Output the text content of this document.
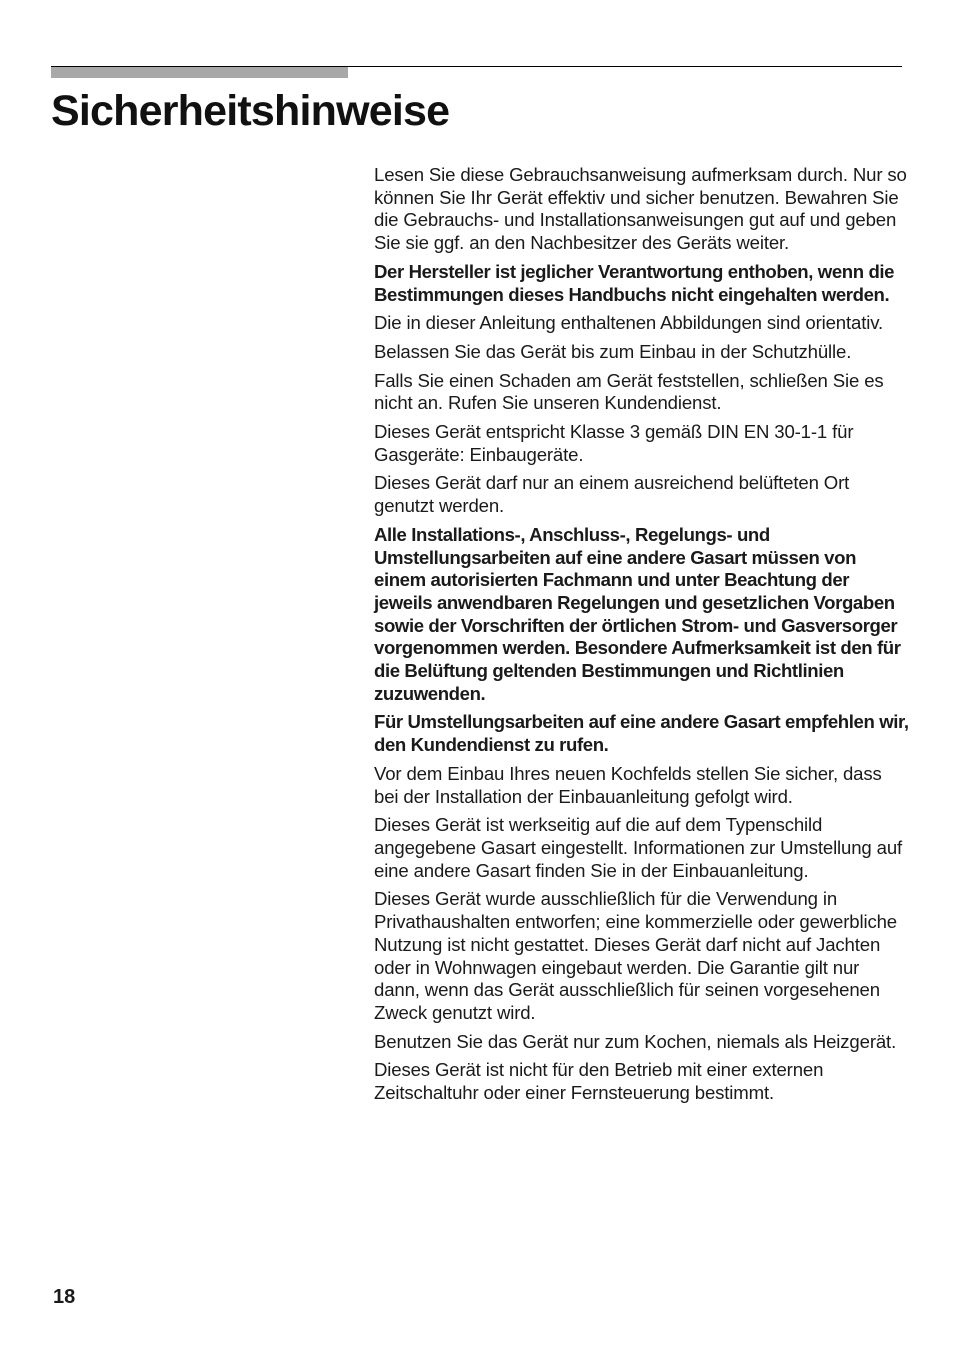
Sicherheitshinweise

Lesen Sie diese Gebrauchsanweisung aufmerksam durch. Nur so können Sie Ihr Gerät effektiv und sicher benutzen. Bewahren Sie die Gebrauchs- und Installationsanweisungen gut auf und geben Sie sie ggf. an den Nachbesitzer des Geräts weiter.

Der Hersteller ist jeglicher Verantwortung enthoben, wenn die Bestimmungen dieses Handbuchs nicht eingehalten werden.

Die in dieser Anleitung enthaltenen Abbildungen sind orientativ.

Belassen Sie das Gerät bis zum Einbau in der Schutzhülle.

Falls Sie einen Schaden am Gerät feststellen, schließen Sie es nicht an. Rufen Sie unseren Kundendienst.

Dieses Gerät entspricht Klasse 3 gemäß DIN EN 30-1-1 für Gasgeräte: Einbaugeräte.

Dieses Gerät darf nur an einem ausreichend belüfteten Ort genutzt werden.

Alle Installations-, Anschluss-, Regelungs- und Umstellungsarbeiten auf eine andere Gasart müssen von einem autorisierten Fachmann und unter Beachtung der jeweils anwendbaren Regelungen und gesetzlichen Vorgaben sowie der Vorschriften der örtlichen Strom- und Gasversorger vorgenommen werden. Besondere Aufmerksamkeit ist den für die Belüftung geltenden Bestimmungen und Richtlinien zuzuwenden.

Für Umstellungsarbeiten auf eine andere Gasart empfehlen wir, den Kundendienst zu rufen.

Vor dem Einbau Ihres neuen Kochfelds stellen Sie sicher, dass bei der Installation der Einbauanleitung gefolgt wird.

Dieses Gerät ist werkseitig auf die auf dem Typenschild angegebene Gasart eingestellt. Informationen zur Umstellung auf eine andere Gasart finden Sie in der Einbauanleitung.

Dieses Gerät wurde ausschließlich für die Verwendung in Privathaushalten entworfen; eine kommerzielle oder gewerbliche Nutzung ist nicht gestattet. Dieses Gerät darf nicht auf Jachten oder in Wohnwagen eingebaut werden. Die Garantie gilt nur dann, wenn das Gerät ausschließlich für seinen vorgesehenen Zweck genutzt wird.

Benutzen Sie das Gerät nur zum Kochen, niemals als Heizgerät.

Dieses Gerät ist nicht für den Betrieb mit einer externen Zeitschaltuhr oder einer Fernsteuerung bestimmt.

18
